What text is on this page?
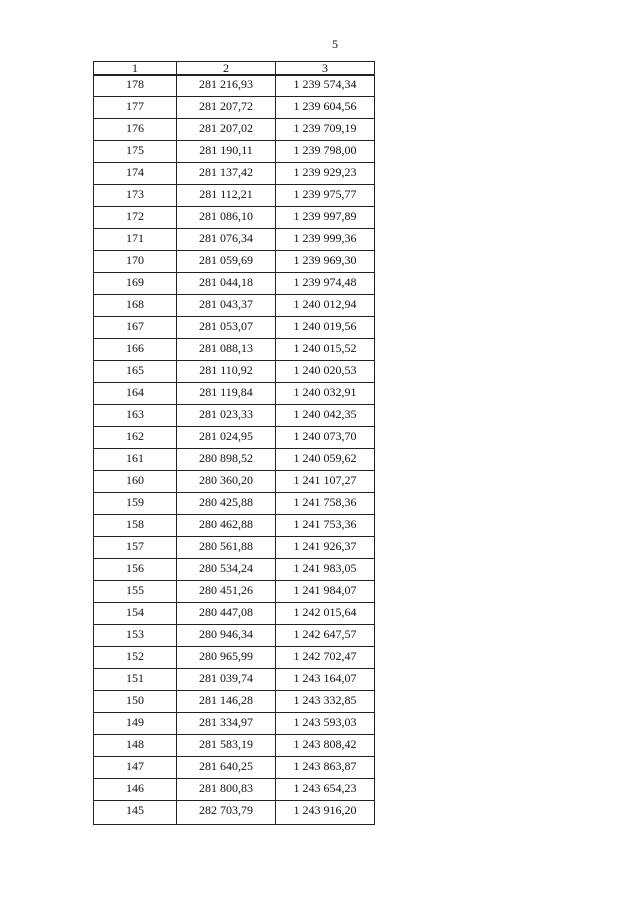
5
1	2	3
178	281 216,93	1 239 574,34
177	281 207,72	1 239 604,56
176	281 207,02	1 239 709,19
175	281 190,11	1 239 798,00
174	281 137,42	1 239 929,23
173	281 112,21	1 239 975,77
172	281 086,10	1 239 997,89
171	281 076,34	1 239 999,36
170	281 059,69	1 239 969,30
169	281 044,18	1 239 974,48
168	281 043,37	1 240 012,94
167	281 053,07	1 240 019,56
166	281 088,13	1 240 015,52
165	281 110,92	1 240 020,53
164	281 119,84	1 240 032,91
163	281 023,33	1 240 042,35
162	281 024,95	1 240 073,70
161	280 898,52	1 240 059,62
160	280 360,20	1 241 107,27
159	280 425,88	1 241 758,36
158	280 462,88	1 241 753,36
157	280 561,88	1 241 926,37
156	280 534,24	1 241 983,05
155	280 451,26	1 241 984,07
154	280 447,08	1 242 015,64
153	280 946,34	1 242 647,57
152	280 965,99	1 242 702,47
151	281 039,74	1 243 164,07
150	281 146,28	1 243 332,85
149	281 334,97	1 243 593,03
148	281 583,19	1 243 808,42
147	281 640,25	1 243 863,87
146	281 800,83	1 243 654,23
145	282 703,79	1 243 916,20
